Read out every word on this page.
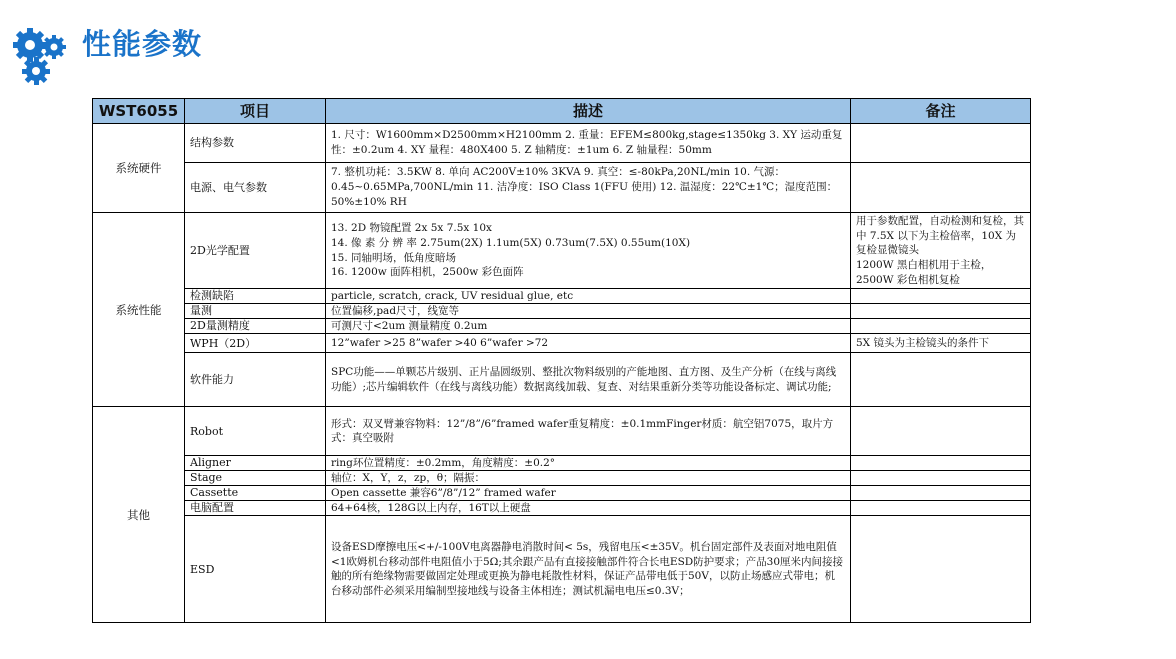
性能参数
WST6055	项目	描述	备注
系统硬件	结构参数	1. 尺寸：W1600mm×D2500mm×H2100mm 2. 重量：EFEM≤800kg,stage≤1350kg 3. XY 运动重复性：±0.2um 4. XY 量程：480X400 5. Z 轴精度：±1um 6. Z 轴量程：50mm	
	电源、电气参数	7. 整机功耗：3.5KW 8. 单向 AC200V±10% 3KVA 9. 真空：≤-80kPa,20NL/min 10. 气源：0.45~0.65MPa,700NL/min 11. 洁净度：ISO Class 1(FFU 使用) 12. 温湿度：22℃±1℃；湿度范围：50%±10% RH	
系统性能	2D光学配置	13. 2D 物镜配置 2x 5x 7.5x 10x
14. 像 素 分 辨 率 2.75um(2X) 1.1um(5X) 0.73um(7.5X) 0.55um(10X)
15. 同轴明场，低角度暗场
16. 1200w 面阵相机，2500w 彩色面阵	用于参数配置，自动检测和复检，其中 7.5X 以下为主检倍率，10X 为复检显微镜头
1200W 黑白相机用于主检，
2500W 彩色相机复检
	检测缺陷	particle, scratch, crack, UV residual glue, etc	
	量测	位置偏移,pad尺寸，线宽等	
	2D量测精度	可测尺寸<2um 测量精度 0.2um	
	WPH（2D）	12”wafer >25 8”wafer >40 6”wafer >72	5X 镜头为主检镜头的条件下
	软件能力	SPC功能——单颗芯片级别、正片晶圆级别、整批次物料级别的产能地图、直方图、及生产分析（在线与离线功能）;芯片编辑软件（在线与离线功能）数据离线加载、复查、对结果重新分类等功能设备标定、调试功能;	
其他	Robot	形式：双叉臂兼容物料：12”/8”/6”framed wafer重复精度：±0.1mmFinger材质：航空铝7075，取片方式：真空吸附	
	Aligner	ring环位置精度：±0.2mm，角度精度：±0.2°	
	Stage	轴位：X，Y，z，zp，θ；隔振：	
	Cassette	Open cassette 兼容6”/8”/12” framed wafer	
	电脑配置	64+64核，128G以上内存，16T以上硬盘	
	ESD	设备ESD摩擦电压<+/-100V电离器静电消散时间< 5s，残留电压<±35V。机台固定部件及表面对地电阻值<1欧姆机台移动部件电阻值小于5Ω;其余跟产品有直接接触部件符合长电ESD防护要求；产品30厘米内间接接触的所有绝缘物需要做固定处理或更换为静电耗散性材料，保证产品带电低于50V，以防止场感应式带电；机台移动部件必须采用编制型接地线与设备主体相连；测试机漏电电压≤0.3V；	
